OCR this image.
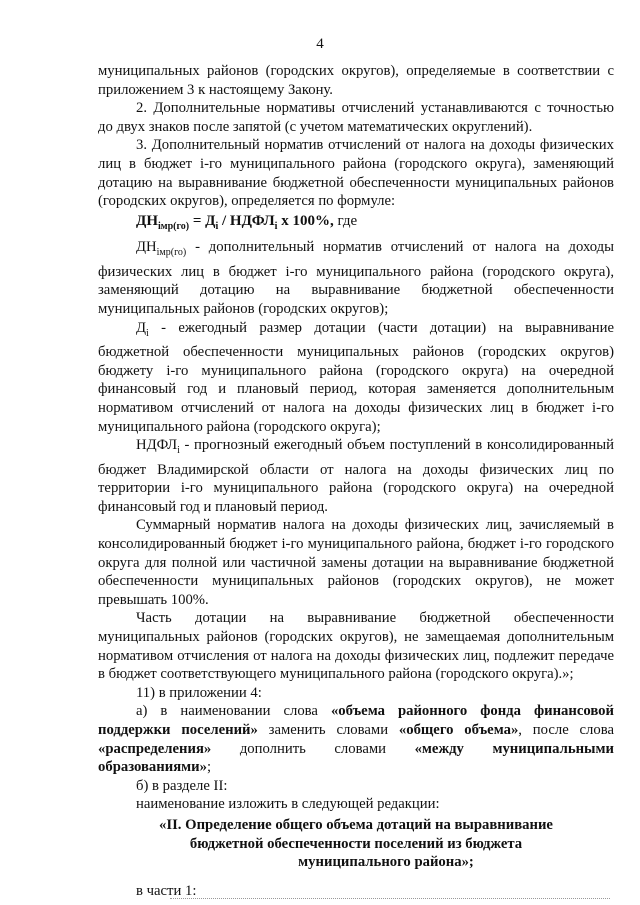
4

муниципальных районов (городских округов), определяемые в соответствии с приложением 3 к настоящему Закону.

2. Дополнительные нормативы отчислений устанавливаются с точностью до двух знаков после запятой (с учетом математических округлений).

3. Дополнительный норматив отчислений от налога на доходы физических лиц в бюджет i-го муниципального района (городского округа), заменяющий дотацию на выравнивание бюджетной обеспеченности муниципальных районов (городских округов), определяется по формуле:

$ДН_{iмр(го)} = Д_i$ / $НДФЛ_i$ x 100%, где

$ДН_{iмр(го)}$ - дополнительный норматив отчислений от налога на доходы физических лиц в бюджет i-го муниципального района (городского округа), заменяющий дотацию на выравнивание бюджетной обеспеченности муниципальных районов (городских округов);

$Д_i$ - ежегодный размер дотации (части дотации) на выравнивание бюджетной обеспеченности муниципальных районов (городских округов) бюджету i-го муниципального района (городского округа) на очередной финансовый год и плановый период, которая заменяется дополнительным нормативом отчислений от налога на доходы физических лиц в бюджет i-го муниципального района (городского округа);

$НДФЛ_i$ - прогнозный ежегодный объем поступлений в консолидированный бюджет Владимирской области от налога на доходы физических лиц по территории i-го муниципального района (городского округа) на очередной финансовый год и плановый период.

Суммарный норматив налога на доходы физических лиц, зачисляемый в консолидированный бюджет i-го муниципального района, бюджет i-го городского округа для полной или частичной замены дотации на выравнивание бюджетной обеспеченности муниципальных районов (городских округов), не может превышать 100%.

Часть дотации на выравнивание бюджетной обеспеченности муниципальных районов (городских округов), не замещаемая дополнительным нормативом отчисления от налога на доходы физических лиц, подлежит передаче в бюджет соответствующего муниципального района (городского округа).»;

11) в приложении 4:

а) в наименовании слова «объема районного фонда финансовой поддержки поселений» заменить словами «общего объема», после слова «распределения» дополнить словами «между муниципальными образованиями»;

б) в разделе II:

наименование изложить в следующей редакции:

«II. Определение общего объема дотаций на выравнивание

бюджетной обеспеченности поселений из бюджета

муниципального района»;

в части 1:
